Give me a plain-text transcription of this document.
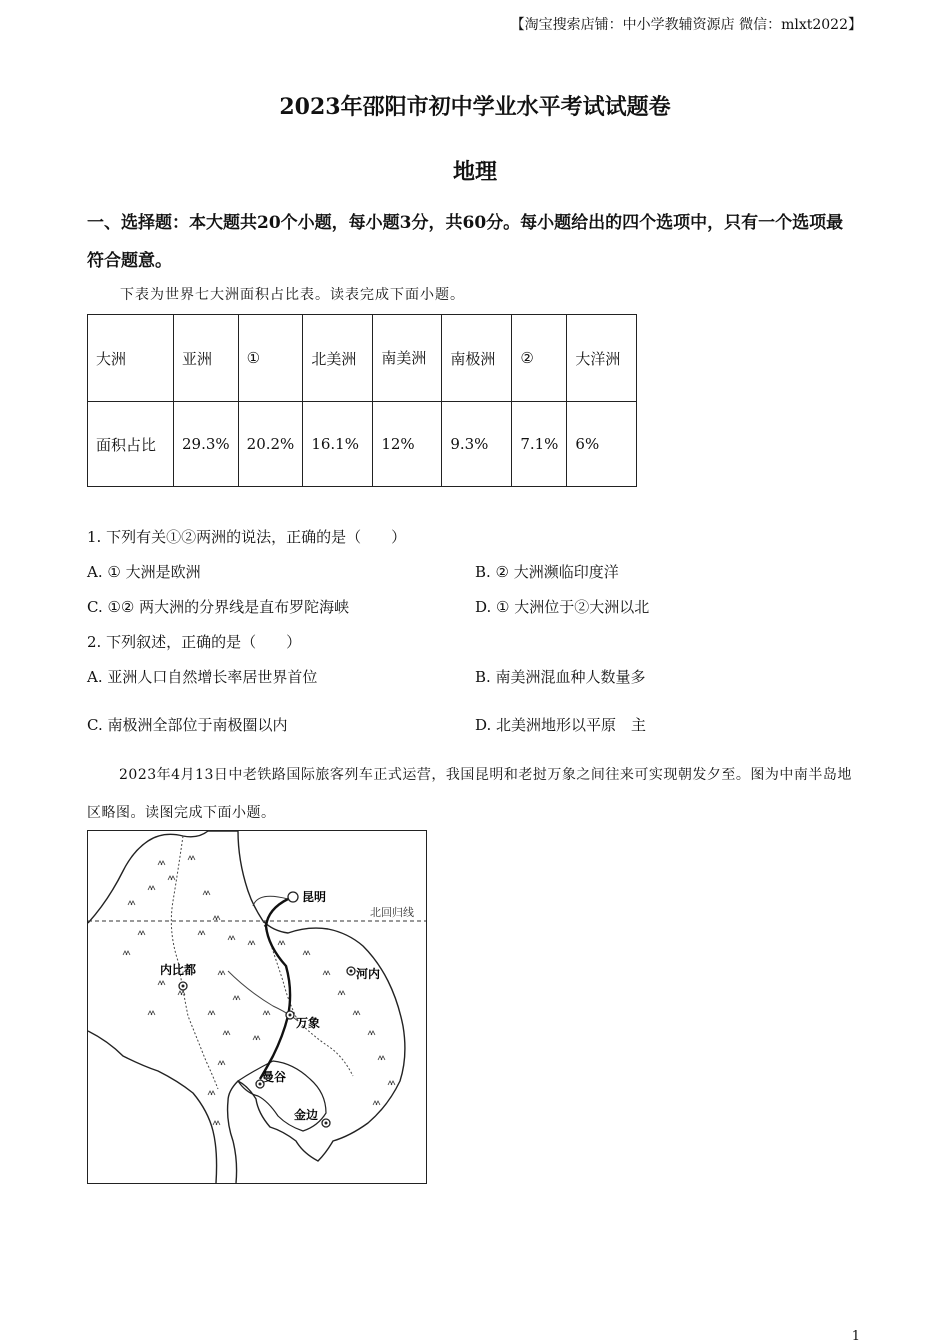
【淘宝搜索店铺：中小学教辅资源店 微信：mlxt2022】
2023年邵阳市初中学业水平考试试题卷
地理
一、选择题：本大题共20个小题，每小题3分，共60分。每小题给出的四个选项中，只有一个选项最符合题意。
下表为世界七大洲面积占比表。读表完成下面小题。
大洲	亚洲	①	北美洲	南美洲	南极洲	②	大洋洲
面积占比	29.3%	20.2%	16.1%	12%	9.3%	7.1%	6%
1. 下列有关①②两洲的说法，正确的是（　　）
A. ① 大洲是欧洲	B. ② 大洲濒临印度洋
C. ①② 两大洲的分界线是直布罗陀海峡	D. ① 大洲位于②大洲以北
2. 下列叙述，正确的是（　　）
A. 亚洲人口自然增长率居世界首位	B. 南美洲混血种人数量多
C. 南极洲全部位于南极圈以内	D. 北美洲地形以平原　主
2023年4月13日中老铁路国际旅客列车正式运营，我国昆明和老挝万象之间往来可实现朝发夕至。图为中南半岛地区略图。读图完成下面小题。
昆明
北回归线
内比都	河内
万象
曼谷
金边
1
